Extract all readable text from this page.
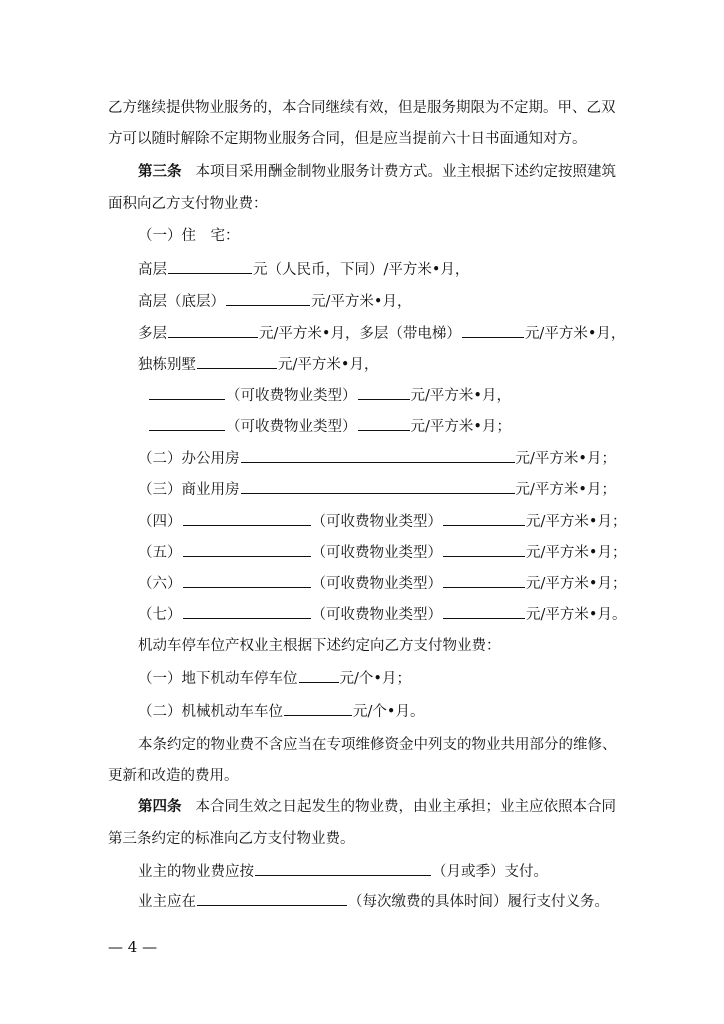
乙方继续提供物业服务的，本合同继续有效，但是服务期限为不定期。甲、乙双
方可以随时解除不定期物业服务合同，但是应当提前六十日书面通知对方。
第三条 本项目采用酬金制物业服务计费方式。业主根据下述约定按照建筑
面积向乙方支付物业费：
（一）住　宅：
高层	元（人民币，下同）/平方米•月，
高层（底层）	元/平方米•月，
多层	元/平方米•月，多层（带电梯）	元/平方米•月，
独栋别墅	元/平方米•月，
（可收费物业类型）	元/平方米•月，
（可收费物业类型）	元/平方米•月；
（二）办公用房	元/平方米•月；
（三）商业用房	元/平方米•月；
（四）	（可收费物业类型）	元/平方米•月；
（五）	（可收费物业类型）	元/平方米•月；
（六）	（可收费物业类型）	元/平方米•月；
（七）	（可收费物业类型）	元/平方米•月。
机动车停车位产权业主根据下述约定向乙方支付物业费：
（一）地下机动车停车位	元/个•月；
（二）机械机动车车位	元/个•月。
本条约定的物业费不含应当在专项维修资金中列支的物业共用部分的维修、
更新和改造的费用。
第四条 本合同生效之日起发生的物业费，由业主承担；业主应依照本合同
第三条约定的标准向乙方支付物业费。
业主的物业费应按	（月或季）支付。
业主应在	（每次缴费的具体时间）履行支付义务。
— 4 —
